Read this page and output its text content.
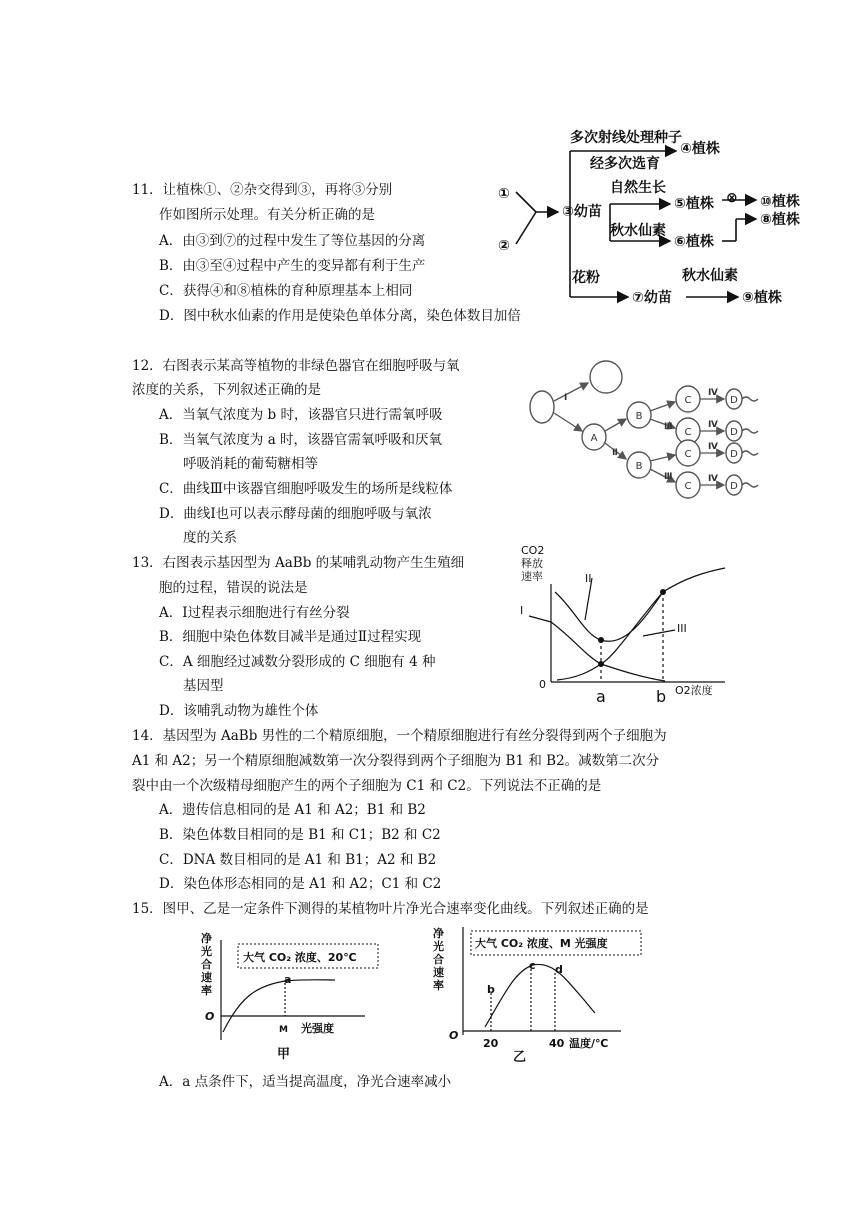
11．让植株①、②杂交得到③，再将③分别
作如图所示处理。有关分析正确的是
A．由③到⑦的过程中发生了等位基因的分离
B．由③至④过程中产生的变异都有利于生产
C．获得④和⑧植株的育种原理基本上相同
D．图中秋水仙素的作用是使染色单体分离，染色体数目加倍
①
②
③幼苗
多次射线处理种子
经多次选育
④植株
自然生长
⑤植株 ⊗ ⑩植株
⑧植株
秋水仙素
⑥植株
花粉
⑦幼苗
秋水仙素
⑨植株
12．右图表示某高等植物的非绿色器官在细胞呼吸与氧
浓度的关系，下列叙述正确的是
A．当氧气浓度为 b 时，该器官只进行需氧呼吸
B．当氧气浓度为 a 时，该器官需氧呼吸和厌氧
呼吸消耗的葡萄糖相等
C．曲线Ⅲ中该器官细胞呼吸发生的场所是线粒体
D．曲线Ⅰ也可以表示酵母菌的细胞呼吸与氧浓
度的关系
A
B
B
C
C
C
C
D
D
D
D
Ⅰ
Ⅱ
Ⅲ
Ⅲ
Ⅳ
Ⅳ
Ⅳ
Ⅳ
13．右图表示基因型为 AaBb 的某哺乳动物产生生殖细
胞的过程，错误的说法是
A．Ⅰ过程表示细胞进行有丝分裂
B．细胞中染色体数目减半是通过Ⅱ过程实现
C．A 细胞经过减数分裂形成的 C 细胞有 4 种
基因型
D．该哺乳动物为雄性个体
CO2
释放
速率	II
I
III
0	O2浓度
a	b
14．基因型为 AaBb 男性的二个精原细胞，一个精原细胞进行有丝分裂得到两个子细胞为
A1 和 A2；另一个精原细胞减数第一次分裂得到两个子细胞为 B1 和 B2。减数第二次分
裂中由一个次级精母细胞产生的两个子细胞为 C1 和 C2。下列说法不正确的是
A．遗传信息相同的是 A1 和 A2；B1 和 B2
B．染色体数目相同的是 B1 和 C1；B2 和 C2
C．DNA 数目相同的是 A1 和 B1；A2 和 B2
D．染色体形态相同的是 A1 和 A2；C1 和 C2
15．图甲、乙是一定条件下测得的某植物叶片净光合速率变化曲线。下列叙述正确的是
净
光
合
速
率
大气 CO₂ 浓度、20℃
a
O
M 光强度
甲
净
光
合
速
率
大气 CO₂ 浓度、M 光强度
b
c d
O
20	40 温度/℃
乙
A．a 点条件下，适当提高温度，净光合速率减小
